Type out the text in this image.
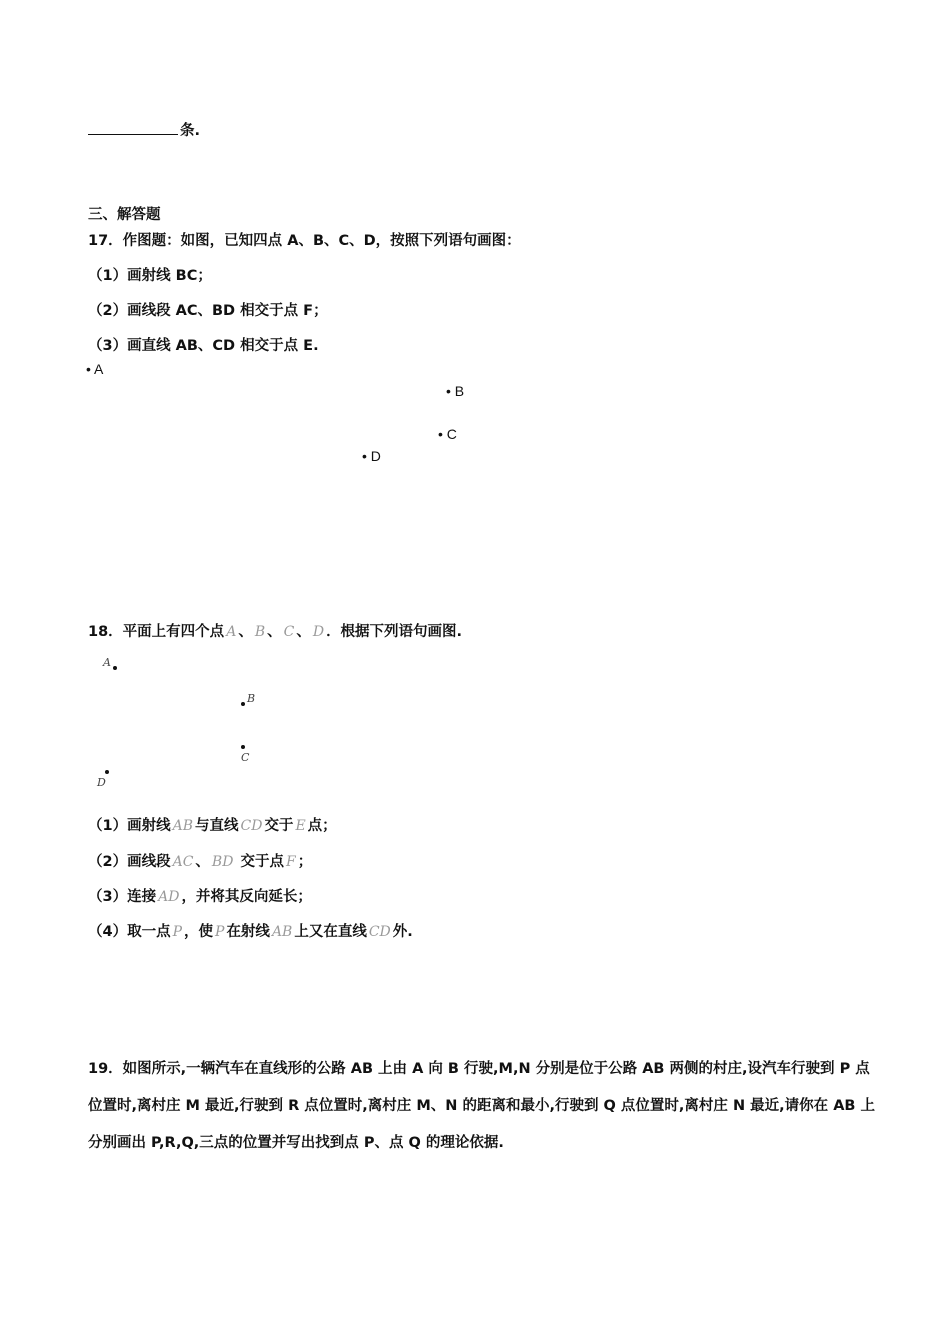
条.
三、解答题
17．作图题：如图，已知四点 A、B、C、D，按照下列语句画图：
（1）画射线 BC；
（2）画线段 AC、BD 相交于点 F；
（3）画直线 AB、CD 相交于点 E.
• A
• B
• C
• D
18．平面上有四个点 A 、 B 、 C 、 D ．根据下列语句画图.
A
B
C
D
（1）画射线 AB 与直线 CD 交于 E 点；
（2）画线段 AC 、 BD 交于点 F ；
（3）连接 AD ，并将其反向延长；
（4）取一点 P ，使 P 在射线 AB 上又在直线 CD 外.
19．如图所示,一辆汽车在直线形的公路 AB 上由 A 向 B 行驶,M,N 分别是位于公路 AB 两侧的村庄,设汽车行驶到 P 点位置时,离村庄 M 最近,行驶到 R 点位置时,离村庄 M、N 的距离和最小,行驶到 Q 点位置时,离村庄 N 最近,请你在 AB 上分别画出 P,R,Q,三点的位置并写出找到点 P、点 Q 的理论依据.
